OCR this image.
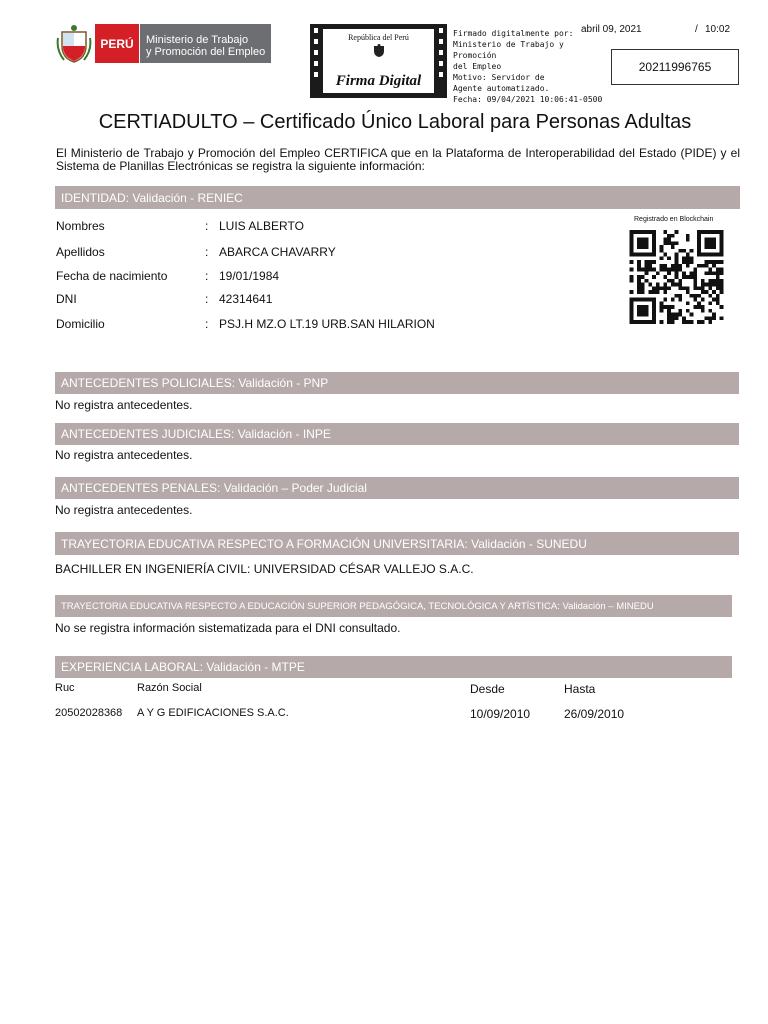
PERÚ	Ministerio de Trabajo
y Promoción del Empleo
República del Perú
Firma Digital
Firmado digitalmente por:
Ministerio de Trabajo y Promoción
del Empleo
Motivo: Servidor de
Agente automatizado.
Fecha: 09/04/2021 10:06:41-0500
abril 09, 2021	/ 10:02
20211996765
CERTIADULTO – Certificado Único Laboral para Personas Adultas
El Ministerio de Trabajo y Promoción del Empleo CERTIFICA que en la Plataforma de Interoperabilidad del Estado (PIDE) y el Sistema de Planillas Electrónicas se registra la siguiente información:
IDENTIDAD: Validación - RENIEC
Nombres	: LUIS ALBERTO
Apellidos	: ABARCA CHAVARRY
Fecha de nacimiento	: 19/01/1984
DNI	: 42314641
Domicilio	: PSJ.H MZ.O LT.19 URB.SAN HILARION
Registrado en Blockchain
ANTECEDENTES POLICIALES: Validación - PNP
No registra antecedentes.
ANTECEDENTES JUDICIALES: Validación - INPE
No registra antecedentes.
ANTECEDENTES PENALES: Validación – Poder Judicial
No registra antecedentes.
TRAYECTORIA EDUCATIVA RESPECTO A FORMACIÓN UNIVERSITARIA: Validación - SUNEDU
BACHILLER EN INGENIERÍA CIVIL: UNIVERSIDAD CÉSAR VALLEJO S.A.C.
TRAYECTORIA EDUCATIVA RESPECTO A EDUCACIÓN SUPERIOR PEDAGÓGICA, TECNOLÓGICA Y ARTÍSTICA: Validación – MINEDU
No se registra información sistematizada para el DNI consultado.
EXPERIENCIA LABORAL: Validación - MTPE
Ruc	Razón Social	Desde	Hasta
20502028368 A Y G EDIFICACIONES S.A.C.	10/09/2010	26/09/2010
